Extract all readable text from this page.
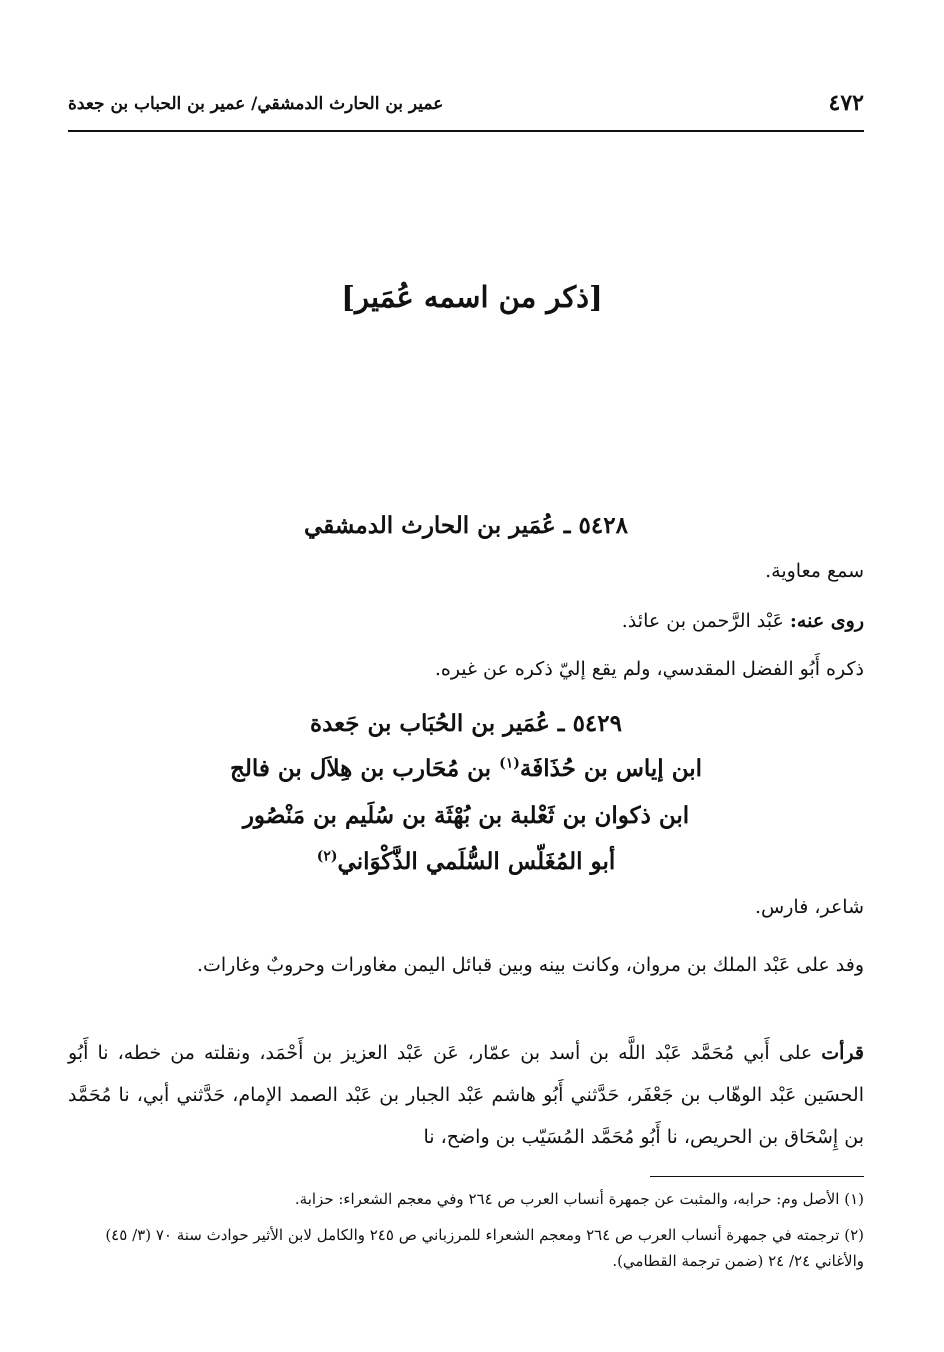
٤٧٢
عمير بن الحارث الدمشقي/ عمير بن الحباب بن جعدة
[ذكر من اسمه عُمَير]
٥٤٢٨ ـ عُمَير بن الحارث الدمشقي
سمع معاوية.
روى عنه: عَبْد الرَّحمن بن عائذ.
ذكره أَبُو الفضل المقدسي، ولم يقع إليّ ذكره عن غيره.
٥٤٢٩ ـ عُمَير بن الحُبَاب بن جَعدة
ابن إياس بن حُذَافَة$^{(١)}$ بن مُحَارب بن هِلاَل بن فالج
ابن ذكوان بن ثَعْلبة بن بُهْثَة بن سُلَيم بن مَنْصُور
أبو المُغَلّس السُّلَمي الذَّكْوَاني$^{(٢)}$
شاعر، فارس.
وفد على عَبْد الملك بن مروان، وكانت بينه وبين قبائل اليمن مغاورات وحروبٌ وغارات.
قرأت على أَبي مُحَمَّد عَبْد اللَّه بن أسد بن عمّار، عَن عَبْد العزيز بن أَحْمَد، ونقلته من خطه، نا أَبُو الحسَين عَبْد الوهّاب بن جَعْفَر، حَدَّثني أَبُو هاشم عَبْد الجبار بن عَبْد الصمد الإمام، حَدَّثني أبي، نا مُحَمَّد بن إِسْحَاق بن الحريص، نا أَبُو مُحَمَّد المُسَيّب بن واضح، نا
(١) الأصل وم: حرابه، والمثبت عن جمهرة أنساب العرب ص ٢٦٤ وفي معجم الشعراء: حزابة.
(٢) ترجمته في جمهرة أنساب العرب ص ٢٦٤ ومعجم الشعراء للمرزباني ص ٢٤٥ والكامل لابن الأثير حوادث سنة ٧٠ (٣/ ٤٥) والأغاني ٢٤/ ٢٤ (ضمن ترجمة القطامي).
